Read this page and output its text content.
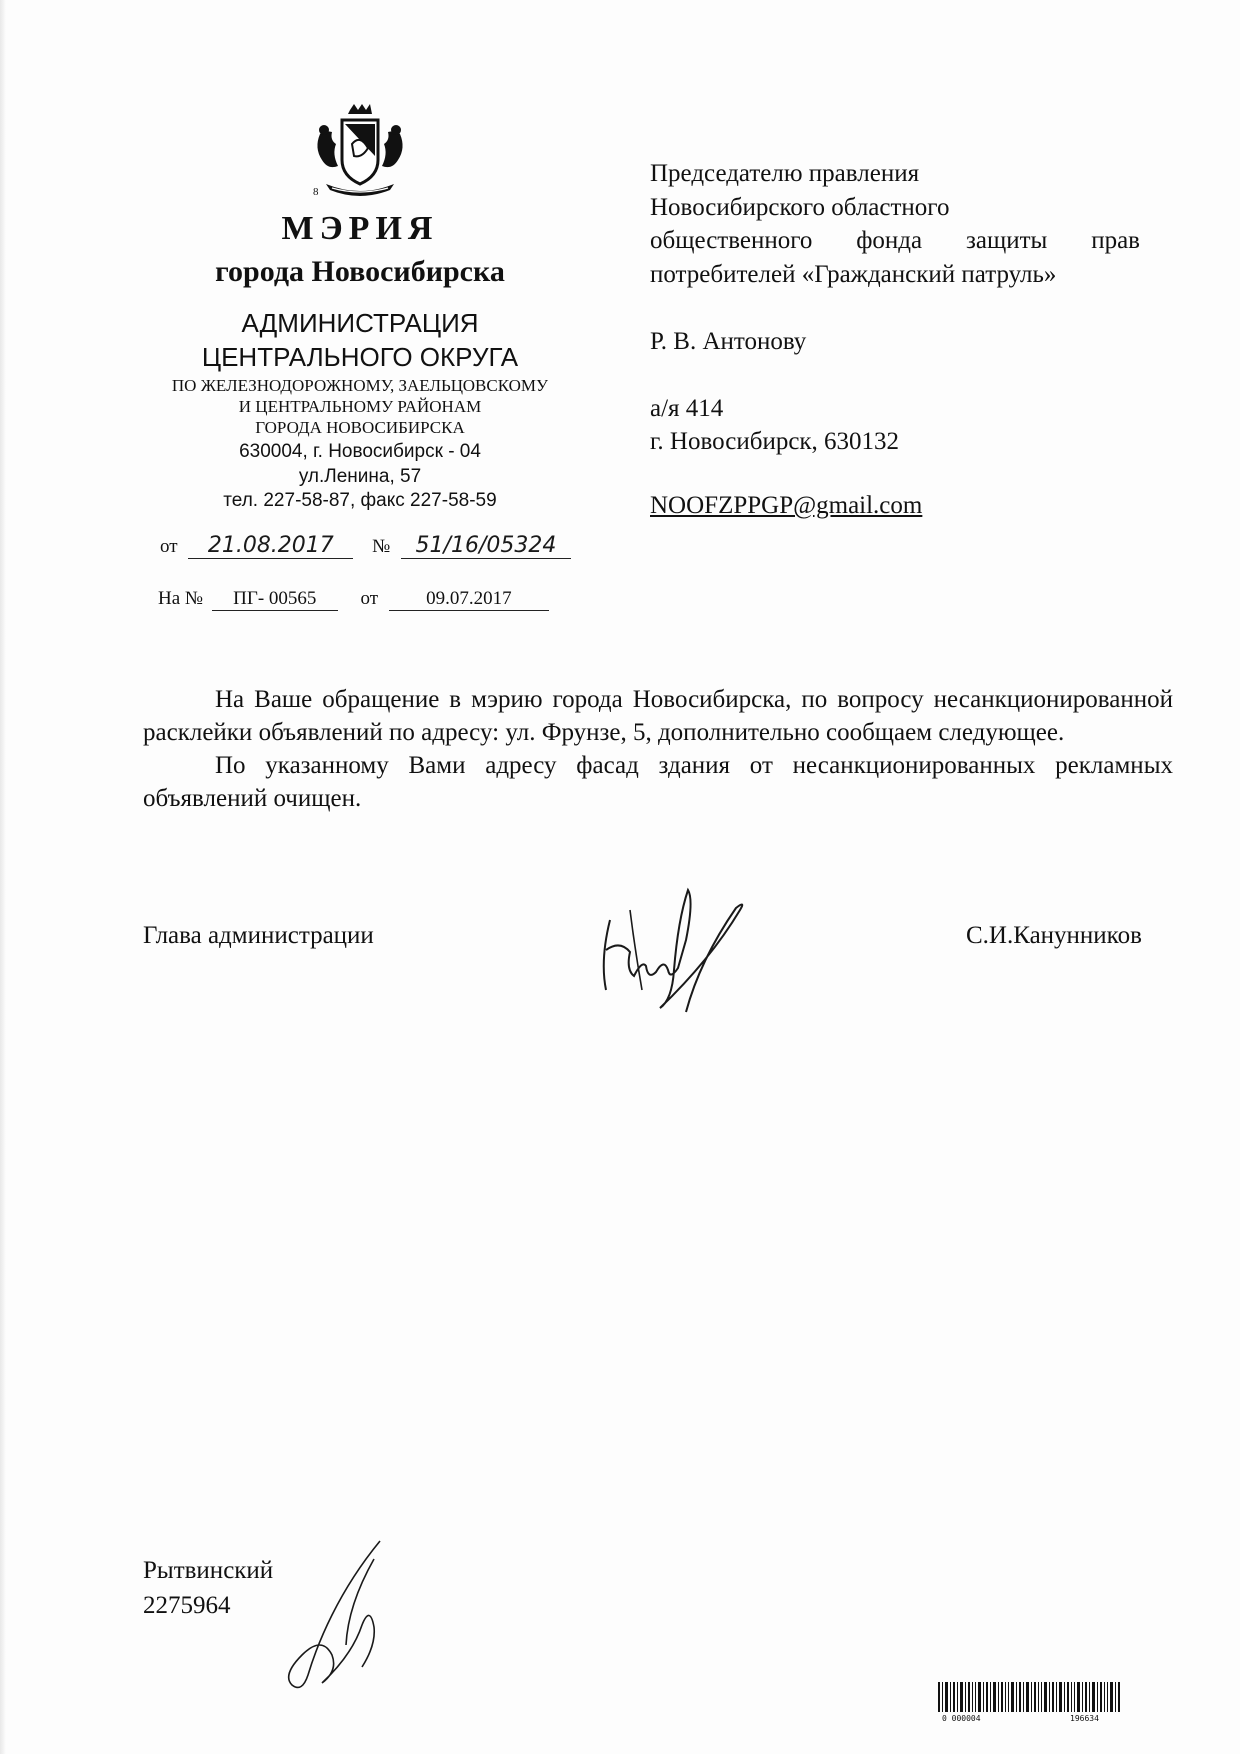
8
МЭРИЯ
города Новосибирска
АДМИНИСТРАЦИЯ
ЦЕНТРАЛЬНОГО ОКРУГА
ПО ЖЕЛЕЗНОДОРОЖНОМУ, ЗАЕЛЬЦОВСКОМУ
И ЦЕНТРАЛЬНОМУ РАЙОНАМ
ГОРОДА НОВОСИБИРСКА
630004, г. Новосибирск - 04
ул.Ленина, 57
тел. 227-58-87, факс 227-58-59
от 21.08.2017 № 51/16/05324
На № ПГ- 00565 от	09.07.2017
Председателю правления
Новосибирского областного
общественного фонда защиты прав
потребителей «Гражданский патруль»
Р. В. Антонову
а/я 414
г. Новосибирск, 630132
NOOFZPPGP@gmail.com

На Ваше обращение в мэрию города Новосибирска, по вопросу несанкционированной расклейки объявлений по адресу: ул. Фрунзе, 5, дополнительно сообщаем следующее.

По указанному Вами адресу фасад здания от несанкционированных рекламных объявлений очищен.

Глава администрации	С.И.Канунников
Рытвинский
2275964
0 000004	196634
